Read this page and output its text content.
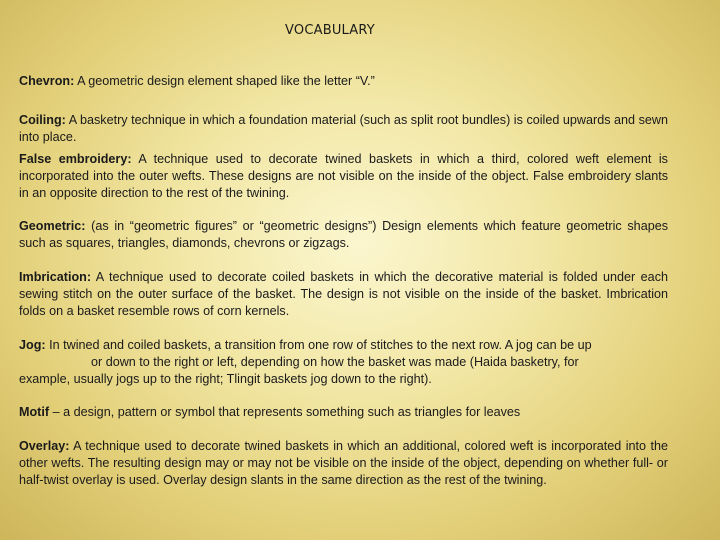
VOCABULARY
Chevron: A geometric design element shaped like the letter “V.”
Coiling: A basketry technique in which a foundation material (such as split root bundles) is coiled upwards and sewn into place.
False embroidery: A technique used to decorate twined baskets in which a third, colored weft element is incorporated into the outer wefts. These designs are not visible on the inside of the object. False embroidery slants in an opposite direction to the rest of the twining.
Geometric: (as in “geometric figures” or “geometric designs”) Design elements which feature geometric shapes such as squares, triangles, diamonds, chevrons or zigzags.
Imbrication: A technique used to decorate coiled baskets in which the decorative material is folded under each sewing stitch on the outer surface of the basket. The design is not visible on the inside of the basket. Imbrication folds on a basket resemble rows of corn kernels.
Jog: In twined and coiled baskets, a transition from one row of stitches to the next row. A jog can be up
or down to the right or left, depending on how the basket was made (Haida basketry, for
example, usually jogs up to the right; Tlingit baskets jog down to the right).
Motif – a design, pattern or symbol that represents something such as triangles for leaves
Overlay: A technique used to decorate twined baskets in which an additional, colored weft is incorporated into the other wefts. The resulting design may or may not be visible on the inside of the object, depending on whether full- or half-twist overlay is used. Overlay design slants in the same direction as the rest of the twining.
